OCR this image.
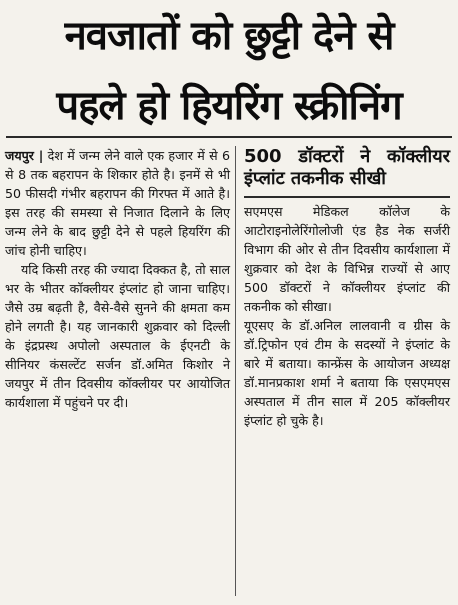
नवजातों को छुट्टी देने से
पहले हो हियरिंग स्क्रीनिंग

जयपुर | देश में जन्म लेने वाले एक हजार में से 6 से 8 तक बहरापन के शिकार होते है। इनमें से भी 50 फीसदी गंभीर बहरापन की गिरफ्त में आते है। इस तरह की समस्या से निजात दिलाने के लिए जन्म लेने के बाद छुट्टी देने से पहले हियरिंग की जांच होनी चाहिए।

यदि किसी तरह की ज्यादा दिक्कत है, तो साल भर के भीतर कॉक्लीयर इंप्लांट हो जाना चाहिए। जैसे उम्र बढ़ती है, वैसे-वैसे सुनने की क्षमता कम होने लगती है। यह जानकारी शुक्रवार को दिल्ली के इंद्रप्रस्थ अपोलो अस्पताल के ईएनटी के सीनियर कंसल्टेंट सर्जन डॉ.अमित किशोर ने जयपुर में तीन दिवसीय कॉक्लीयर पर आयोजित कार्यशाला में पहुंचने पर दी।

500 डॉक्टरों ने कॉक्लीयर इंप्लांट तकनीक सीखी

सएमएस मेडिकल कॉलेज के आटोराइनोलेरिंगोलोजी एंड हैड नेक सर्जरी विभाग की ओर से तीन दिवसीय कार्यशाला में शुक्रवार को देश के विभिन्न राज्यों से आए 500 डॉक्टरों ने कॉक्लीयर इंप्लांट की तकनीक को सीखा।

यूएसए के डॉ.अनिल लालवानी व ग्रीस के डॉ.ट्रिफोन एवं टीम के सदस्यों ने इंप्लांट के बारे में बताया। कान्फ्रेंस के आयोजन अध्यक्ष डॉ.मानप्रकाश शर्मा ने बताया कि एसएमएस अस्पताल में तीन साल में 205 कॉक्लीयर इंप्लांट हो चुके है।
